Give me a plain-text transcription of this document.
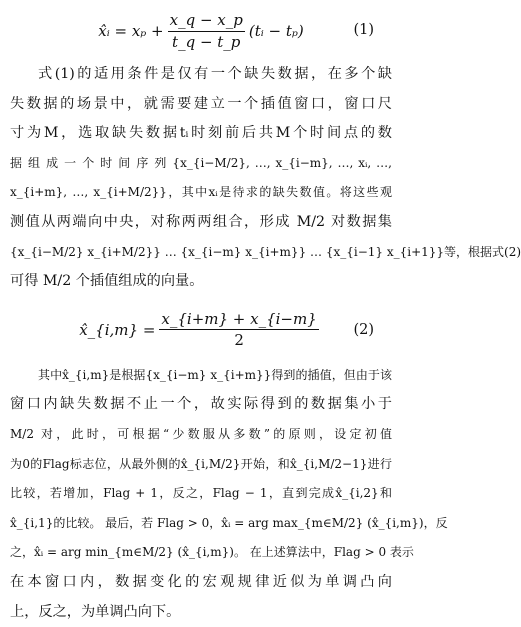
x̂ᵢ = $x_p + \frac{x\_q - x\_p}{t\_q - t\_p}$ (tᵢ − tₚ)	(1)
式(1)的适用条件是仅有一个缺失数据，在多个缺
失数据的场景中，就需要建立一个插值窗口，窗口尺
寸为M，选取缺失数据tᵢ时刻前后共M个时间点的数
据 组 成 一 个 时 间 序 列 {x_{i−M/2}, …, x_{i−m}, …, xᵢ, …,
x_{i+m}, …, x_{i+M/2}}，其中xᵢ是待求的缺失数值。将这些观
测值从两端向中央，对称两两组合，形成 M/2 对数据集
{x_{i−M/2} x_{i+M/2}} … {x_{i−m} x_{i+m}} … {x_{i−1} x_{i+1}}等，根据式(2)
可得 M/2 个插值组成的向量。
x̂_{i,m} = $\frac{x\_\{i+m\} + x\_\{i-m\}}{2} (2)$
其中x̂_{i,m}是根据{x_{i−m} x_{i+m}}得到的插值，但由于该
窗口内缺失数据不止一个，故实际得到的数据集小于
M/2 对，此时，可根据“少数服从多数”的原则，设定初值
为0的Flag标志位，从最外侧的x̂_{i,M/2}开始，和x̂_{i,M/2−1}进行
比较，若增加，Flag + 1，反之，Flag − 1，直到完成x̂_{i,2}和
x̂_{i,1}的比较。 最后，若 Flag > 0，x̂ᵢ = arg max_{m∈M/2} (x̂_{i,m})，反
之，x̂ᵢ = arg min_{m∈M/2} (x̂_{i,m})。 在上述算法中，Flag > 0 表示
在本窗口内，数据变化的宏观规律近似为单调凸向
上，反之，为单调凸向下。
